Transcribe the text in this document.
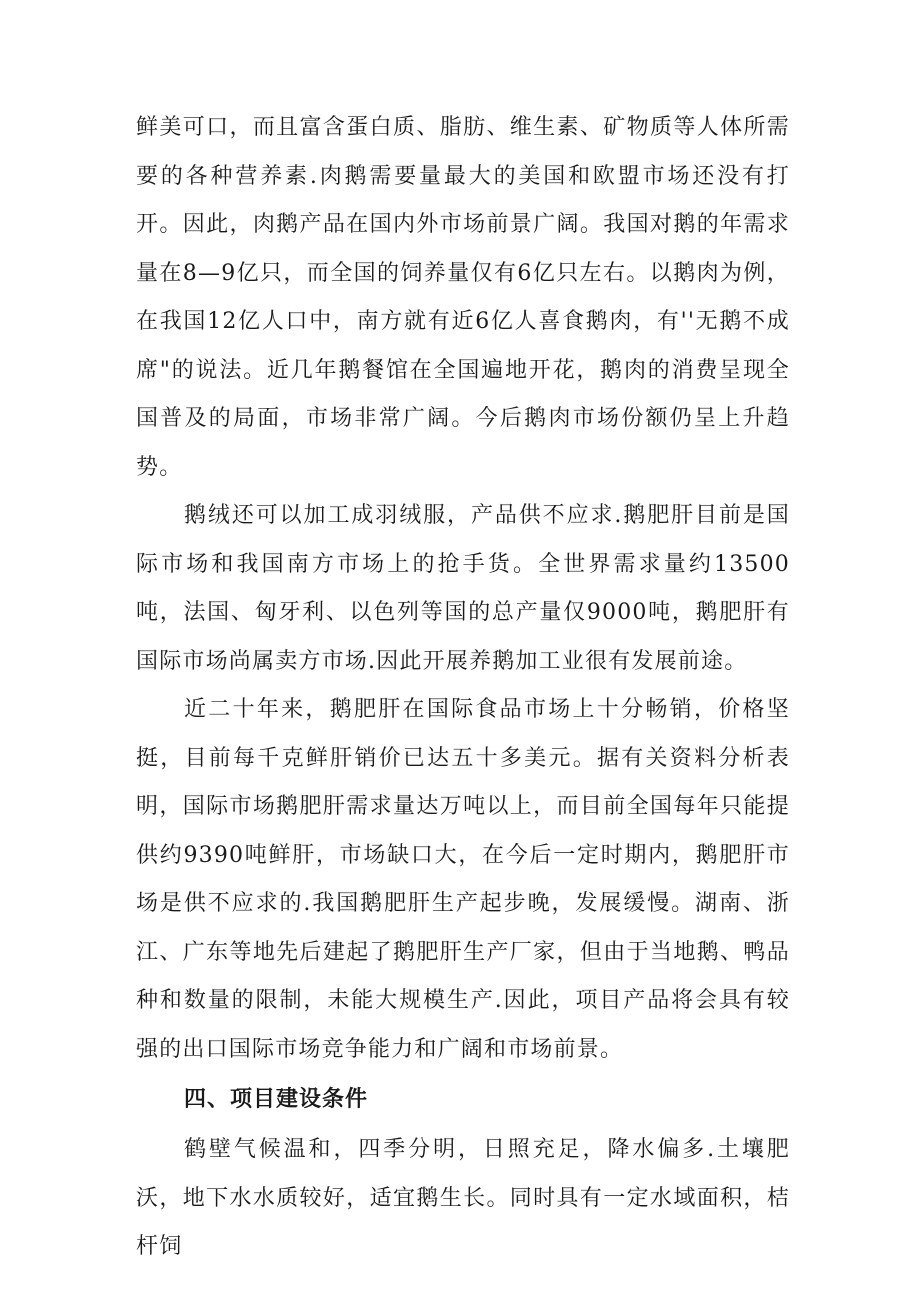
鲜美可口，而且富含蛋白质、脂肪、维生素、矿物质等人体所需要的各种营养素.肉鹅需要量最大的美国和欧盟市场还没有打开。因此，肉鹅产品在国内外市场前景广阔。我国对鹅的年需求量在8—9亿只，而全国的饲养量仅有6亿只左右。以鹅肉为例，在我国12亿人口中，南方就有近6亿人喜食鹅肉，有''无鹅不成席"的说法。近几年鹅餐馆在全国遍地开花，鹅肉的消费呈现全国普及的局面，市场非常广阔。今后鹅肉市场份额仍呈上升趋势。

鹅绒还可以加工成羽绒服，产品供不应求.鹅肥肝目前是国际市场和我国南方市场上的抢手货。全世界需求量约13500吨，法国、匈牙利、以色列等国的总产量仅9000吨，鹅肥肝有国际市场尚属卖方市场.因此开展养鹅加工业很有发展前途。

近二十年来，鹅肥肝在国际食品市场上十分畅销，价格坚挺，目前每千克鲜肝销价已达五十多美元。据有关资料分析表明，国际市场鹅肥肝需求量达万吨以上，而目前全国每年只能提供约9390吨鲜肝，市场缺口大，在今后一定时期内，鹅肥肝市场是供不应求的.我国鹅肥肝生产起步晚，发展缓慢。湖南、浙江、广东等地先后建起了鹅肥肝生产厂家，但由于当地鹅、鸭品种和数量的限制，未能大规模生产.因此，项目产品将会具有较强的出口国际市场竞争能力和广阔和市场前景。

四、项目建设条件

鹤壁气候温和，四季分明，日照充足，降水偏多.土壤肥沃，地下水水质较好，适宜鹅生长。同时具有一定水域面积，桔杆饲
